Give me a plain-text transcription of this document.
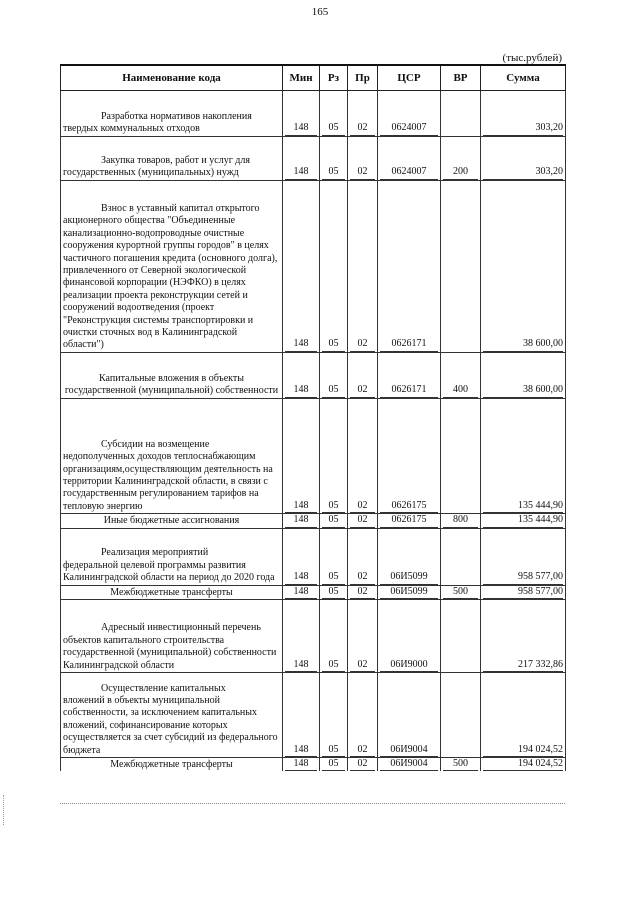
165
(тыс.рублей)
Наименование кода	Мин	Рз	Пр	ЦСР	ВР	Сумма
Разработка нормативов накопления
твердых коммунальных отходов	148	05	02	0624007		303,20

Закупка товаров, работ и услуг для
государственных (муниципальных) нужд	148	05	02	0624007	200	303,20

Взнос в уставный капитал открытого
акционерного общества "Объединенные канализационно-водопроводные очистные сооружения курортной группы городов" в целях частичного погашения кредита (основного долга), привлеченного от Северной экологической финансовой корпорации (НЭФКО) в целях реализации проекта реконструкции сетей и сооружений водоотведения (проект "Реконструкция системы транспортировки и очистки сточных вод в Калининградской области")	148	05	02	0626171		38 600,00

Капитальные вложения в объекты
государственной (муниципальной) собственности	148	05	02	0626171	400	38 600,00

Субсидии на возмещение
недополученных доходов теплоснабжающим организациям,осуществляющим деятельность на территории Калининградской области, в связи с государственным регулированием тарифов на тепловую энергию	148	05	02	0626175		135 444,90

Иные бюджетные ассигнования	148	05	02	0626175	800	135 444,90

Реализация мероприятий
федеральной целевой программы развития Калининградской области на период до 2020 года	148	05	02	06И5099		958 577,00

Межбюджетные трансферты	148	05	02	06И5099	500	958 577,00

Адресный инвестиционный перечень
объектов капитального строительства государственной (муниципальной) собственности Калининградской области	148	05	02	06И9000		217 332,86

Осуществление капитальных
вложений в объекты муниципальной собственности, за исключением капитальных вложений, софинансирование которых осуществляется за счет субсидий из федерального бюджета	148	05	02	06И9004		194 024,52

Межбюджетные трансферты	148	05	02	06И9004	500	194 024,52
